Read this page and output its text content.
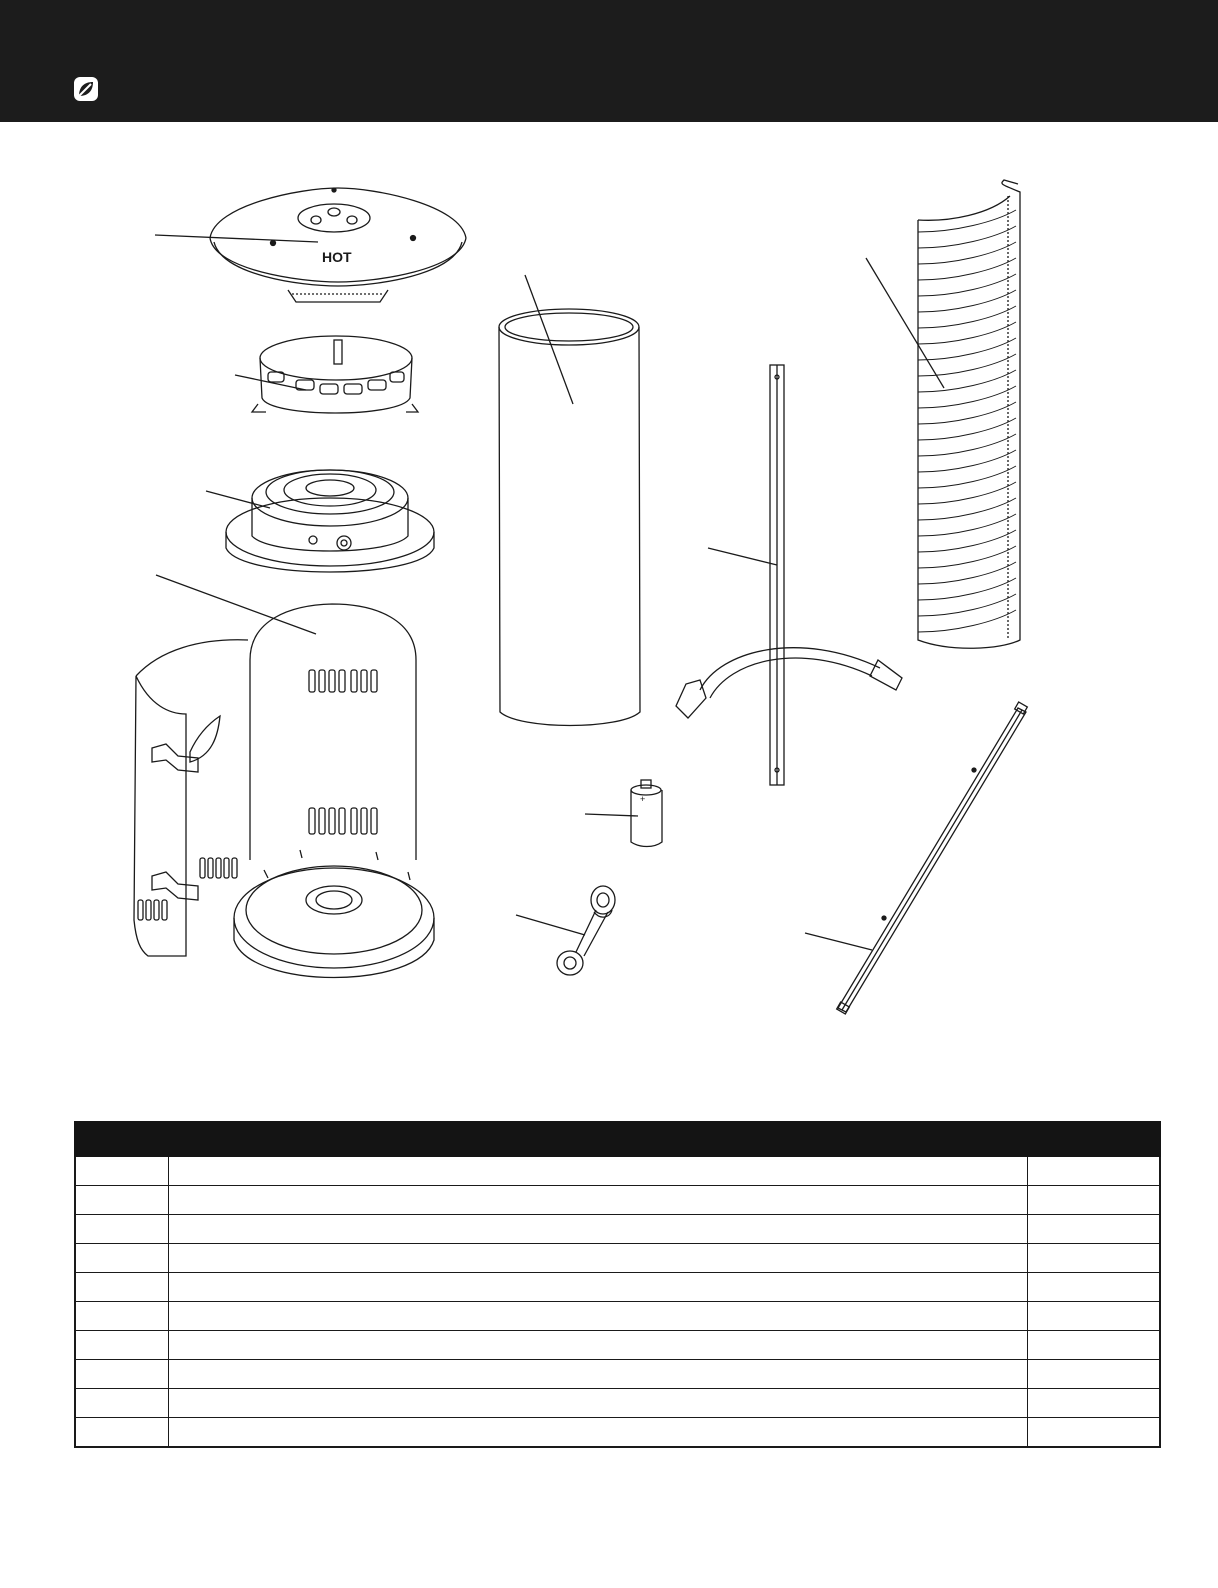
HOT
+
